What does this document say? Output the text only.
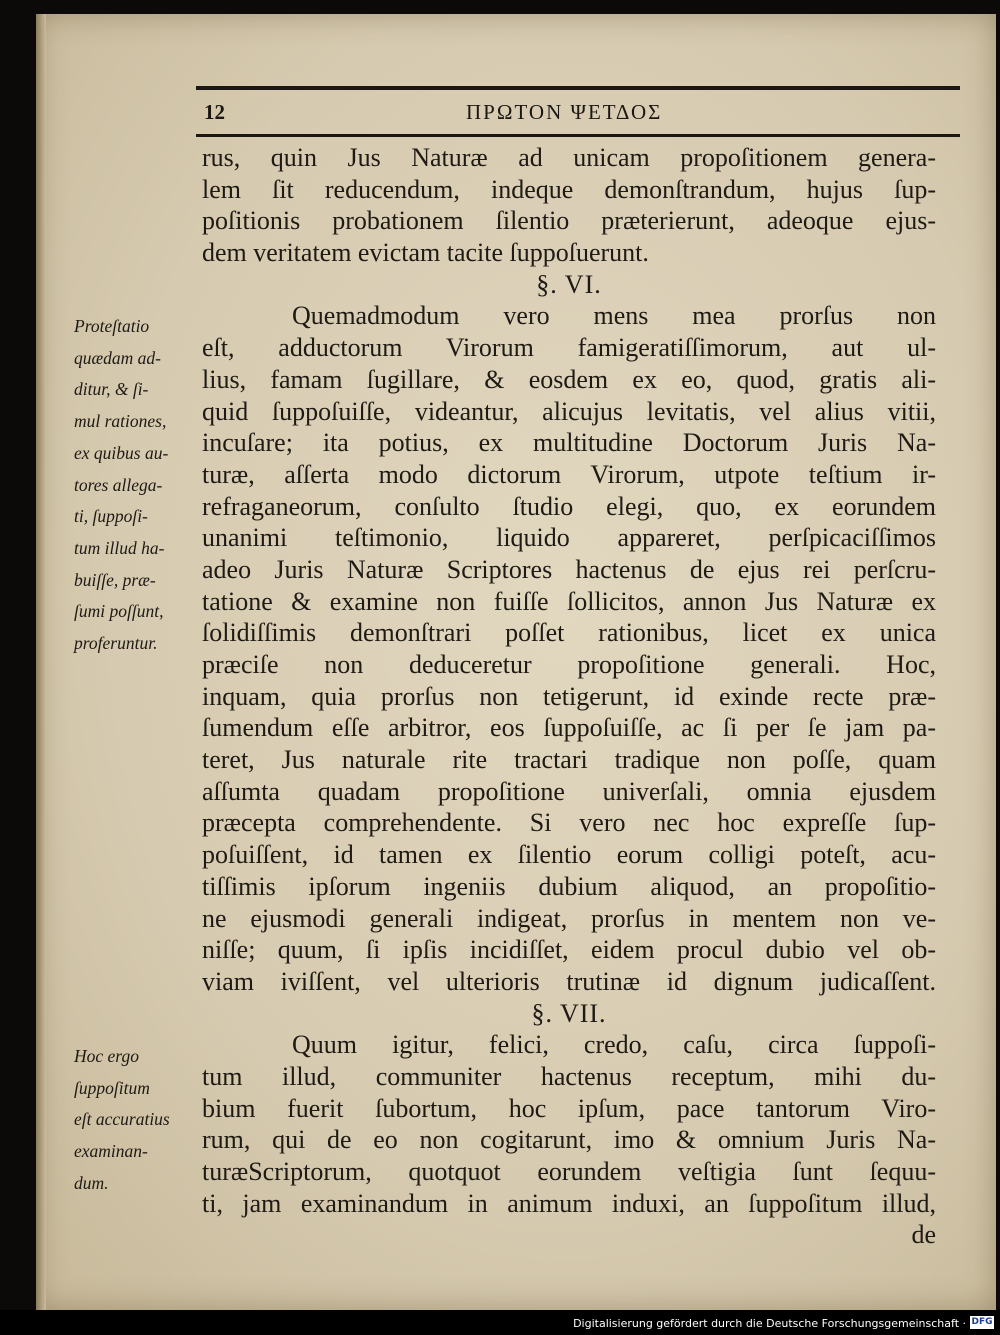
12	ΠΡΩΤΟΝ ΨΕΤΔΟΣ
rus, quin Jus Naturæ ad unicam propoſitionem genera-
lem ſit reducendum, indeque demonſtrandum, hujus ſup-
poſitionis probationem ſilentio præterierunt, adeoque ejus-
dem veritatem evictam tacite ſuppoſuerunt.
§. VI.
Quemadmodum vero mens mea prorſus non
eſt, adductorum Virorum famigeratiſſimorum, aut ul-
lius, famam ſugillare, & eosdem ex eo, quod, gratis ali-
quid ſuppoſuiſſe, videantur, alicujus levitatis, vel alius vitii,
incuſare; ita potius, ex multitudine Doctorum Juris Na-
turæ, aſſerta modo dictorum Virorum, utpote teſtium ir-
refraganeorum, conſulto ſtudio elegi, quo, ex eorundem
unanimi teſtimonio, liquido appareret, perſpicaciſſimos
adeo Juris Naturæ Scriptores hactenus de ejus rei perſcru-
tatione & examine non fuiſſe ſollicitos, annon Jus Naturæ ex
ſolidiſſimis demonſtrari poſſet rationibus, licet ex unica
præciſe non deduceretur propoſitione generali. Hoc,
inquam, quia prorſus non tetigerunt, id exinde recte præ-
ſumendum eſſe arbitror, eos ſuppoſuiſſe, ac ſi per ſe jam pa-
teret, Jus naturale rite tractari tradique non poſſe, quam
aſſumta quadam propoſitione univerſali, omnia ejusdem
præcepta comprehendente. Si vero nec hoc expreſſe ſup-
poſuiſſent, id tamen ex ſilentio eorum colligi poteſt, acu-
tiſſimis ipſorum ingeniis dubium aliquod, an propoſitio-
ne ejusmodi generali indigeat, prorſus in mentem non ve-
niſſe; quum, ſi ipſis incidiſſet, eidem procul dubio vel ob-
viam iviſſent, vel ulterioris trutinæ id dignum judicaſſent.
§. VII.
Quum igitur, felici, credo, caſu, circa ſuppoſi-
tum illud, communiter hactenus receptum, mihi du-
bium fuerit ſubortum, hoc ipſum, pace tantorum Viro-
rum, qui de eo non cogitarunt, imo & omnium Juris Na-
turæScriptorum, quotquot eorundem veſtigia ſunt ſequu-
ti, jam examinandum in animum induxi, an ſuppoſitum illud,
de
Proteſtatio
quædam ad-
ditur, & ſi-
mul rationes,
ex quibus au-
tores allega-
ti, ſuppoſi-
tum illud ha-
buiſſe, præ-
ſumi poſſunt,
proferuntur.
Hoc ergo
ſuppoſitum
eſt accuratius
examinan-
dum.
Digitalisierung gefördert durch die Deutsche Forschungsgemeinschaft · DFG
